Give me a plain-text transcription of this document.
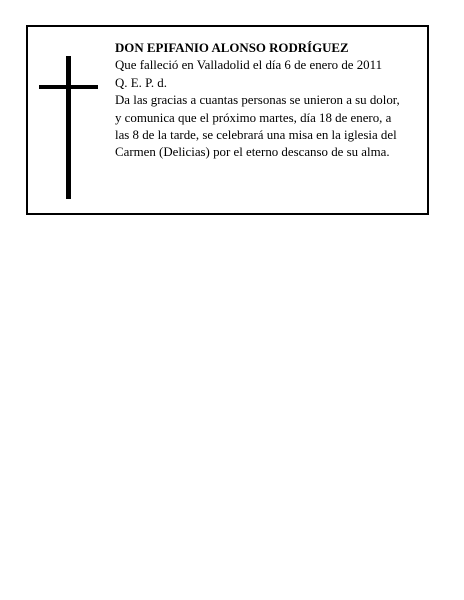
DON EPIFANIO ALONSO RODRÍGUEZ
Que falleció en Valladolid el día 6 de enero de 2011
Q. E. P. d.
Da las gracias a cuantas personas se unieron a su dolor,
y comunica que el próximo martes, día 18 de enero, a
las 8 de la tarde, se celebrará una misa en la iglesia del
Carmen (Delicias) por el eterno descanso de su alma.
